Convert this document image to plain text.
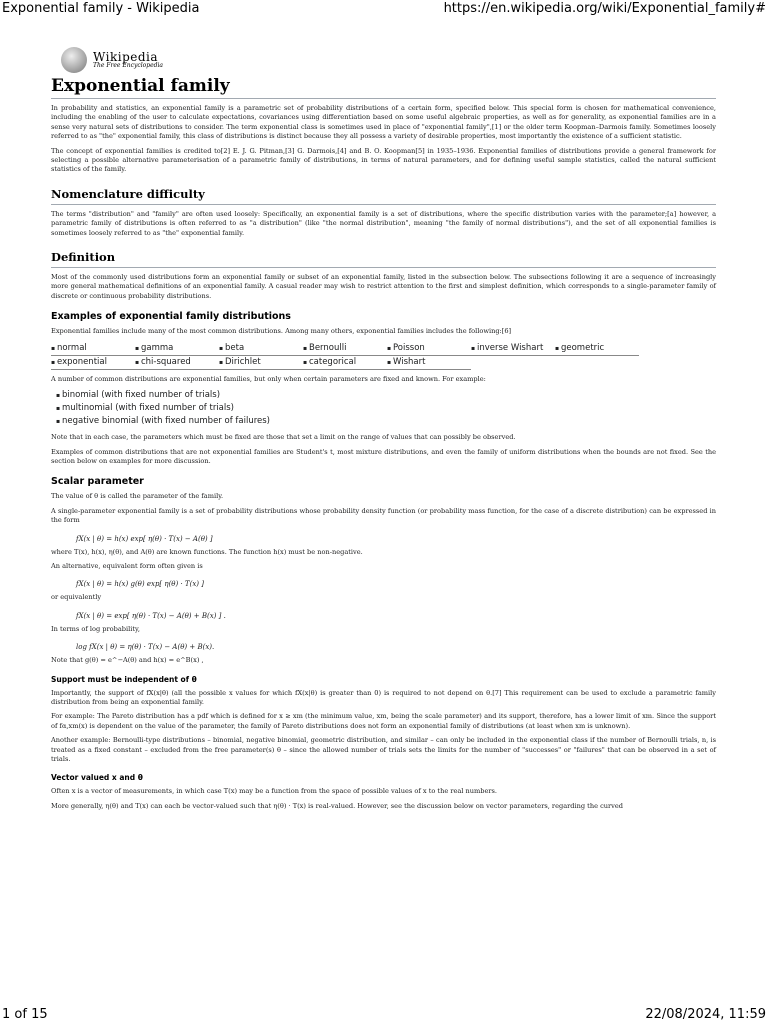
Exponential family - Wikipedia	https://en.wikipedia.org/wiki/Exponential_family#
Wikipedia
The Free Encyclopedia
Exponential family

In probability and statistics, an exponential family is a parametric set of probability distributions of a certain form, specified below. This special form is chosen for mathematical convenience, including the enabling of the user to calculate expectations, covariances using differentiation based on some useful algebraic properties, as well as for generality, as exponential families are in a sense very natural sets of distributions to consider. The term exponential class is sometimes used in place of "exponential family",[1] or the older term Koopman–Darmois family. Sometimes loosely referred to as "the" exponential family, this class of distributions is distinct because they all possess a variety of desirable properties, most importantly the existence of a sufficient statistic.

The concept of exponential families is credited to[2] E. J. G. Pitman,[3] G. Darmois,[4] and B. O. Koopman[5] in 1935–1936. Exponential families of distributions provide a general framework for selecting a possible alternative parameterisation of a parametric family of distributions, in terms of natural parameters, and for defining useful sample statistics, called the natural sufficient statistics of the family.

Nomenclature difficulty

The terms "distribution" and "family" are often used loosely: Specifically, an exponential family is a set of distributions, where the specific distribution varies with the parameter;[a] however, a parametric family of distributions is often referred to as "a distribution" (like "the normal distribution", meaning "the family of normal distributions"), and the set of all exponential families is sometimes loosely referred to as "the" exponential family.

Definition

Most of the commonly used distributions form an exponential family or subset of an exponential family, listed in the subsection below. The subsections following it are a sequence of increasingly more general mathematical definitions of an exponential family. A casual reader may wish to restrict attention to the first and simplest definition, which corresponds to a single-parameter family of discrete or continuous probability distributions.

Examples of exponential family distributions

Exponential families include many of the most common distributions. Among many others, exponential families includes the following:[6]

▪ normal	▪ gamma	▪ beta	▪ Bernoulli	▪ Poisson	▪ inverse Wishart	▪ geometric
▪ exponential	▪ chi-squared	▪ Dirichlet	▪ categorical	▪ Wishart

A number of common distributions are exponential families, but only when certain parameters are fixed and known. For example:

▪ binomial (with fixed number of trials)
▪ multinomial (with fixed number of trials)
▪ negative binomial (with fixed number of failures)

Note that in each case, the parameters which must be fixed are those that set a limit on the range of values that can possibly be observed.

Examples of common distributions that are not exponential families are Student's t, most mixture distributions, and even the family of uniform distributions when the bounds are not fixed. See the section below on examples for more discussion.

Scalar parameter

The value of θ is called the parameter of the family.

A single-parameter exponential family is a set of probability distributions whose probability density function (or probability mass function, for the case of a discrete distribution) can be expressed in the form

fX(x | θ) = h(x) exp[ η(θ) · T(x) − A(θ) ]

where T(x), h(x), η(θ), and A(θ) are known functions. The function h(x) must be non-negative.

An alternative, equivalent form often given is

fX(x | θ) = h(x) g(θ) exp[ η(θ) · T(x) ]

or equivalently

fX(x | θ) = exp[ η(θ) · T(x) − A(θ) + B(x) ] .

In terms of log probability,

log fX(x | θ) = η(θ) · T(x) − A(θ) + B(x).

Note that g(θ) = e^−A(θ) and h(x) = e^B(x) ,

Support must be independent of θ

Importantly, the support of fX(x|θ) (all the possible x values for which fX(x|θ) is greater than 0) is required to not depend on θ.[7] This requirement can be used to exclude a parametric family distribution from being an exponential family.

For example: The Pareto distribution has a pdf which is defined for x ≥ xm (the minimum value, xm, being the scale parameter) and its support, therefore, has a lower limit of xm. Since the support of fα,xm(x) is dependent on the value of the parameter, the family of Pareto distributions does not form an exponential family of distributions (at least when xm is unknown).

Another example: Bernoulli-type distributions – binomial, negative binomial, geometric distribution, and similar – can only be included in the exponential class if the number of Bernoulli trials, n, is treated as a fixed constant – excluded from the free parameter(s) θ – since the allowed number of trials sets the limits for the number of "successes" or "failures" that can be observed in a set of trials.

Vector valued x and θ

Often x is a vector of measurements, in which case T(x) may be a function from the space of possible values of x to the real numbers.

More generally, η(θ) and T(x) can each be vector-valued such that η(θ) · T(x) is real-valued. However, see the discussion below on vector parameters, regarding the curved

1 of 15	22/08/2024, 11:59
